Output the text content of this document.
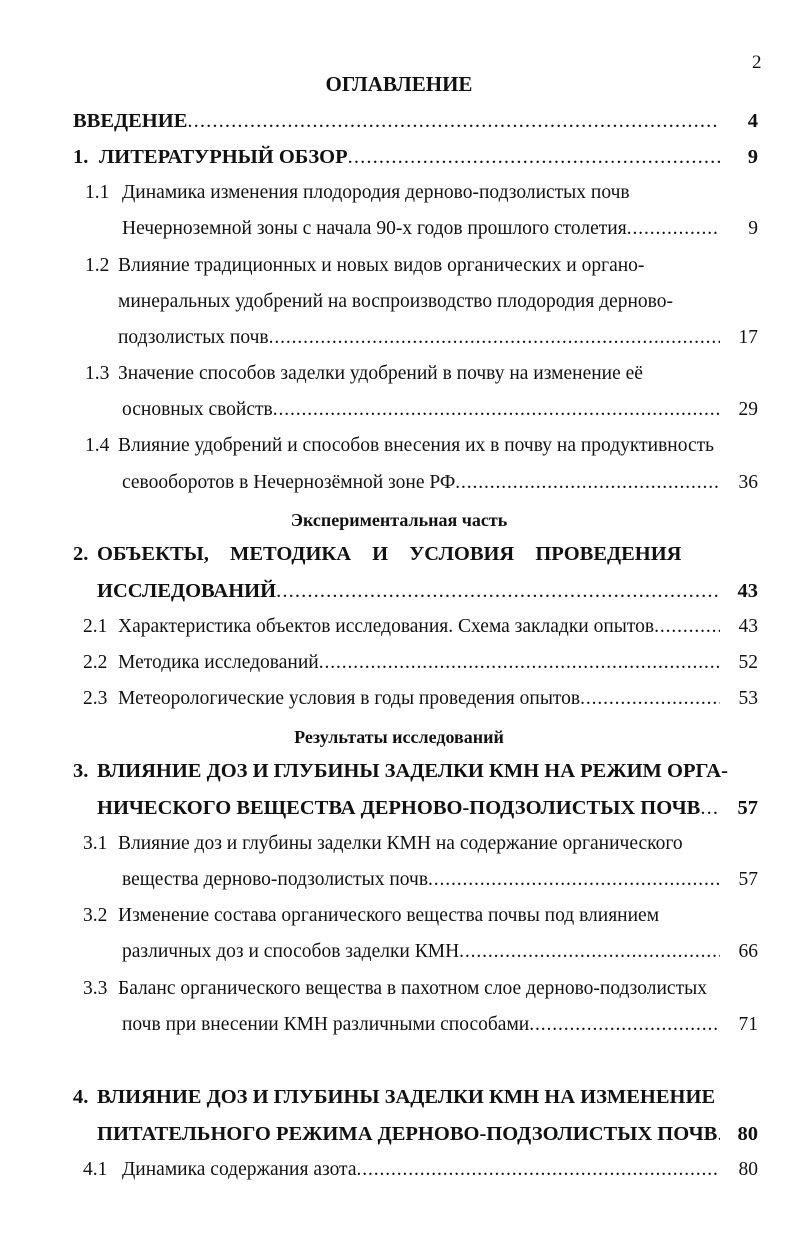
2
ОГЛАВЛЕНИЕ
ВВЕДЕНИЕ . . .	4
1. ЛИТЕРАТУРНЫЙ ОБЗОР . . .	9
1.1 Динамика изменения плодородия дерново-подзолистых почв
Нечерноземной зоны с начала 90-х годов прошлого столетия . . .	9
1.2 Влияние традиционных и новых видов органических и органо-
минеральных удобрений на воспроизводство плодородия дерново-
подзолистых почв . . .	17
1.3 Значение способов заделки удобрений в почву на изменение её
основных свойств . . .	29
1.4 Влияние удобрений и способов внесения их в почву на продуктивность
севооборотов в Нечернозёмной зоне РФ . . .	36
Экспериментальная часть
2. ОБЪЕКТЫ, МЕТОДИКА И УСЛОВИЯ ПРОВЕДЕНИЯ
ИССЛЕДОВАНИЙ . . .	43
2.1 Характеристика объектов исследования. Схема закладки опытов . . .	43
2.2 Методика исследований . . .	52
2.3 Метеорологические условия в годы проведения опытов . . .	53
Результаты исследований
3. ВЛИЯНИЕ ДОЗ И ГЛУБИНЫ ЗАДЕЛКИ КМН НА РЕЖИМ ОРГА-
НИЧЕСКОГО ВЕЩЕСТВА ДЕРНОВО-ПОДЗОЛИСТЫХ ПОЧВ . . . 57
3.1 Влияние доз и глубины заделки КМН на содержание органического
вещества дерново-подзолистых почв . . .	57
3.2 Изменение состава органического вещества почвы под влиянием
различных доз и способов заделки КМН . . .	66
3.3 Баланс органического вещества в пахотном слое дерново-подзолистых
почв при внесении КМН различными способами . . .	71
4. ВЛИЯНИЕ ДОЗ И ГЛУБИНЫ ЗАДЕЛКИ КМН НА ИЗМЕНЕНИЕ
ПИТАТЕЛЬНОГО РЕЖИМА ДЕРНОВО-ПОДЗОЛИСТЫХ ПОЧВ . . . 80
4.1 Динамика содержания азота . . .	80
